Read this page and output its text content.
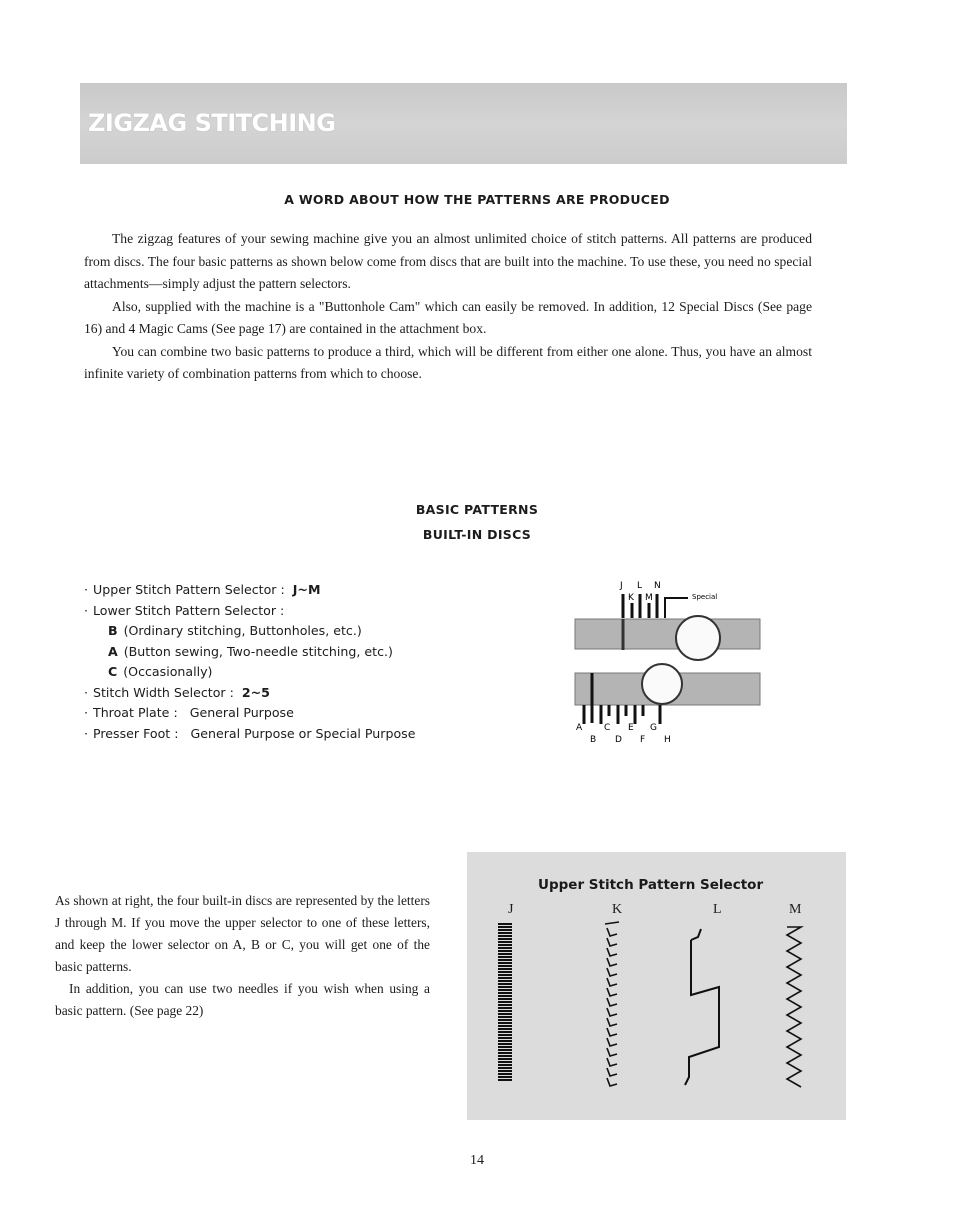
ZIGZAG STITCHING
A WORD ABOUT HOW THE PATTERNS ARE PRODUCED

The zigzag features of your sewing machine give you an almost unlimited choice of stitch patterns. All patterns are produced from discs. The four basic patterns as shown below come from discs that are built into the machine. To use these, you need no special attachments—simply adjust the pattern selectors.

Also, supplied with the machine is a "Buttonhole Cam" which can easily be removed. In addition, 12 Special Discs (See page 16) and 4 Magic Cams (See page 17) are contained in the attachment box.

You can combine two basic patterns to produce a third, which will be different from either one alone. Thus, you have an almost infinite variety of combination patterns from which to choose.

BASIC PATTERNS
BUILT-IN DISCS
· Upper Stitch Pattern Selector : J~M
· Lower Stitch Pattern Selector :
B (Ordinary stitching, Buttonholes, etc.)
A (Button sewing, Two-needle stitching, etc.)
C (Occasionally)
· Stitch Width Selector : 2~5
· Throat Plate : General Purpose
· Presser Foot : General Purpose or Special Purpose
J L N
K M	Special
A C E G
B D F H

As shown at right, the four built-in discs are represented by the letters J through M. If you move the upper selector to one of these letters, and keep the lower selector on A, B or C, you will get one of the basic patterns.

In addition, you can use two needles if you wish when using a basic pattern. (See page 22)

Upper Stitch Pattern Selector
J	K	L	M
14
